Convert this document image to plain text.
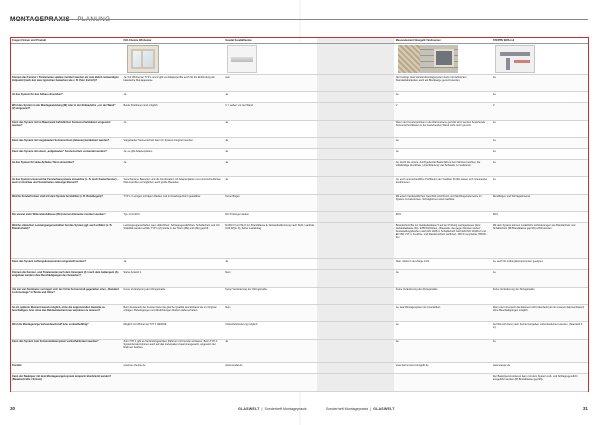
MONTAGEPRAXIS PLANUNG
Fragen Firmen und Produkt	ISO-Chemie Winhemar	Soudal Soudalflexma		Masonelement Glasgelb Yasthuemer	STEPPE EMS-rs3

Können das Fenster / Türelemente spätere montiert werden als zum üblich notwendigen Zeitpunkt (nach den zwei typischen Gewerken wie z. B. Putz, Estrich)?	Ja. Für Winhemar TYP 1 und 2 gibt es Adapterprofile auch für die Einbindung als klassische Montageweise.	nein		Nur bedingt. Das Vorwandmontagesystem kann mit definierten Standardabständen auch als Blocksarge genutzt werden.	Ja
Ist das System für den Altbau einsetzbar?	Ja	Ja		Ja	Ja
Wird das System in der Montagewandung (M) oder in der Einbauhöhe „vor der Wand“ (V) eingesetzt?	Beide Positionen sind möglich.	V = außen vor der Wand		V	V
Kann das System mit im Mauerwerk befindlichen Sonnenschutzkästen eingesetzt werden?	Ja	Ja		Wenn der Fensterposition in die Dämmebene gerückt wird, werden bestehende Sonnenschutzkästen in der bestehenden Wand nicht mehr genutzt.	Ja
Kann das System mit vorgebauten Sonnenschutz (Jalousie) kombiniert werden?	Vorgebauter Sonnenschutz kann im System integriert werden.	Ja		Ja	Ja
Kann das System mit einem „aufgebauten“ Sonnenschutz verwendet werden?	Ja, es gibt Adapterplatten	Ja		Ja	Ja
Ist das System für Hebe-Schiebe-Türen einsetzbar?	Ja	Ja		Ja, durch die untere, durchgehende Basis fällt es dem Monteur leichter, die vollständige druckfreie „Unterfütterung“ der Schwelle zu realisieren.	Ja
Ist das System universell für Fensterbansysteme einsetzbar (z. B. auch Kastenfenster) – auch im Holzbau und Sonderteilen zulässige Element?	Verschiedene Bauteilen und die Kombination mit Adapterplatten und unterschiedlichen Dämmprofilen ermöglichen auch große Bauteilen.	Ja		Ja, auch unterschiedliche Profiltiefen der Tradition Profile lassen sich miteinander kombinieren.	Ja
Welche Sonderformen sind mit dem System herstellbar (z. B. Rundbogen)?	TYP 1 in einigen schrägen Radien und in Graubogenform gestaltbar.	Keine Bögen		Mit einem handwerklichen Geschick sind Rund- und Spitzbogenelemente im System zu bekommen. Schrägformen sind machbar.	Rundbögen und Schrägelemente
Bis wieviel mehr Widerstandsklasse (RC) können Elemente montiert werden?	Typ 1 bis RC3	RC Prüfungen laufen		RC3	RC2
Welche statischen Leistungseigenschaften hat das System ggf. auch erfüllen (z. B. Brandschutz)?	Leistungseigenschaften wie Luftdichtheit, Schlagregendichtheit, Schallschutz und UV-Stabilität werden erfüllt. TYP 1 (Z) wurde in der Norm (ZE) und (ZE) geprüft.	M-WO III und M-O-12, Brandklasse E, Abstandsdämmung nach SUG, Lambda 0,03 W/(m·K), hoher Lastabtrag		Brandschutz Bis zur Gebäudeklasse 5 auf der Prüfung nachgewiesen (bzw. Gebäudeklasse 4G). ETB Richtlinien, „Baustelle, die gegen Monten stehen“, Festsstellungsbuchen nach EN 1026-4, Schallschutz nach EN ISO 10140-2 und EN ISO 717-1, Feuchte- und Flankenschutz verifiziert, 100 % recyclebar, HBCD-frei	Mit dem System können zusätzliche Anforderungen wie Brandschutz und Schallschutz (Rf-Brandklasse geprüft) erfüllt werden.
Kann das System Lüftungskomponenten eingestellt werden?	Ja	Ja		Nein, direkt in der Zarge nicht.	Ja, auch für Lüftungskomponenten geeignet
Können die Fenster- und Türelemente nach dem Innenputz (I) / nach dem Außenputz (A) eingebaut werden ohne Beschädigungen des Gewerkes?	Siehe Antwort 1	Nein		Ja	Ja
Um wie viel Zentimeter verringert sich der lichte Fensterstoß gegenüber einer „Standard Lochmontage“ in Breite und Höhe?	Keine Veränderung der Abzugsmaße	Keine Veränderung der Abzugsmaße		Keine Veränderung der Abzugsmaße	Keine Veränderung der Abzugsmaße
Ist ein späterer Element-tausch möglich, ohne die angrenzenden Gewerke zu beschädigen, bzw. ohne das Rahmenelement neu verputzen zu müssen?	Beim Austausch der Fenster kann die gleiche Qualität des Einbaus wie im Original erfolgen. Befestigungen und Abdichtungen bleiben dabei erhalten.	Nein		Ja, das Montagesystem ist unverändert.	Wenn der Innenputz das Element nicht überdeckt ist mit unserem Elementtausch ohne Beschädigungen möglich.
Wird die Montagezarge Verbundwerkstoff bzw. verkaufbefähig?	Möglich mit Winhemar TYP 1 RESIKE	Vorkonfektionierung möglich		Ja	Auf Wunsch kann nach Kundenvorgaben vorkonfektioniert werden. (Standard 6 m).
Kann das System zum Fenstereinbausystem vorkonfektioniert werden?	Zum TYP 1 gibt es Verbindungswinkel. Rahmen mit Fenster einbauen. Beim TYP 2: Systemfenster können auch auf das Lieferpaket zusammengesetzt, angesetzt der Rahmen bauhau.	Ja		Ja	Ja
Kontakt	www.iso-chemie.de	www.soudal.de		www.dornemann-kinogelb.de	www.steppe.de
Kann der Bauköper mit dem Montagezargensystem temporär überbrückt werden? (Bauabschnitte / Schutz)					Der Bauköpersmontieren kann mit dem System Luft- und Schlagregendicht ausgeführt werden (Rf-Brandklasse geprüft).
30	GLASWELT  |  Sonderheft Montagepraxis	Sonderheft Montagepraxis  |  GLASWELT	31
